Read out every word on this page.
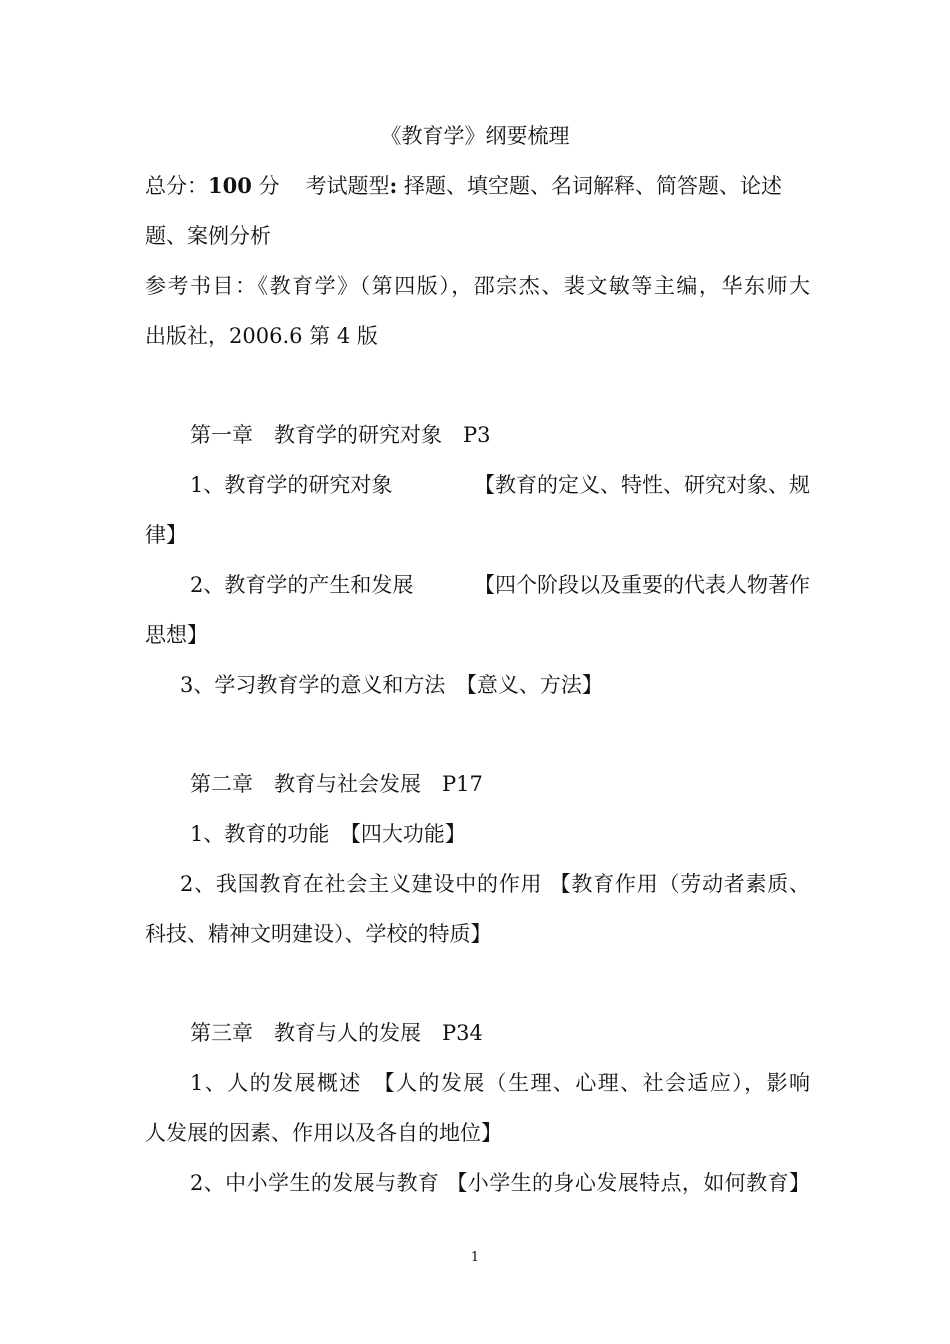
《教育学》纲要梳理
总分：100 分 考试题型: 择题、填空题、名词解释、简答题、论述
题、案例分析
参考书目：《教育学》（第四版），邵宗杰、裴文敏等主编，华东师大
出版社，2006.6 第 4 版
第一章　教育学的研究对象　P3
1、教育学的研究对象	【教育的定义、特性、研究对象、规
律】
2、教育学的产生和发展	【四个阶段以及重要的代表人物著作
思想】
3、学习教育学的意义和方法　【意义、方法】
第二章　教育与社会发展　P17
1、教育的功能　【四大功能】
2、我国教育在社会主义建设中的作用 【教育作用（劳动者素质、
科技、精神文明建设）、学校的特质】
第三章　教育与人的发展　P34
1、人的发展概述　【人的发展（生理、心理、社会适应），影响
人发展的因素、作用以及各自的地位】
2、中小学生的发展与教育 【小学生的身心发展特点，如何教育】
1
